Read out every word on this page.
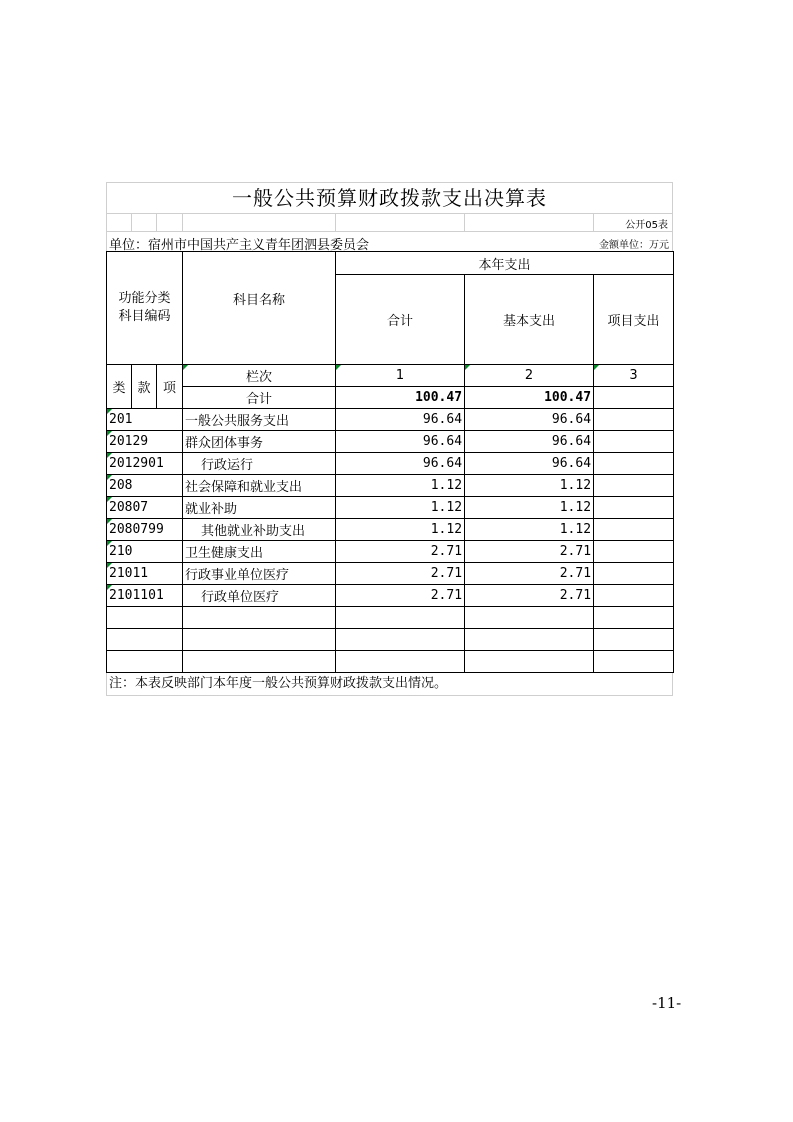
一般公共预算财政拨款支出决算表
公开05表
单位：宿州市中国共产主义青年团泗县委员会	金额单位：万元
功能分类科目编码			科目名称	本年支出		
				合计	基本支出	项目支出
类	款	项	栏次	1	2	3
			合计	100.47	100.47	
201			一般公共服务支出	96.64	96.64	
20129			群众团体事务	96.64	96.64	
2012901			行政运行	96.64	96.64	
208			社会保障和就业支出	1.12	1.12	
20807			就业补助	1.12	1.12	
2080799			其他就业补助支出	1.12	1.12	
210			卫生健康支出	2.71	2.71	
21011			行政事业单位医疗	2.71	2.71	
2101101			行政单位医疗	2.71	2.71	

注：本表反映部门本年度一般公共预算财政拨款支出情况。
-11-
